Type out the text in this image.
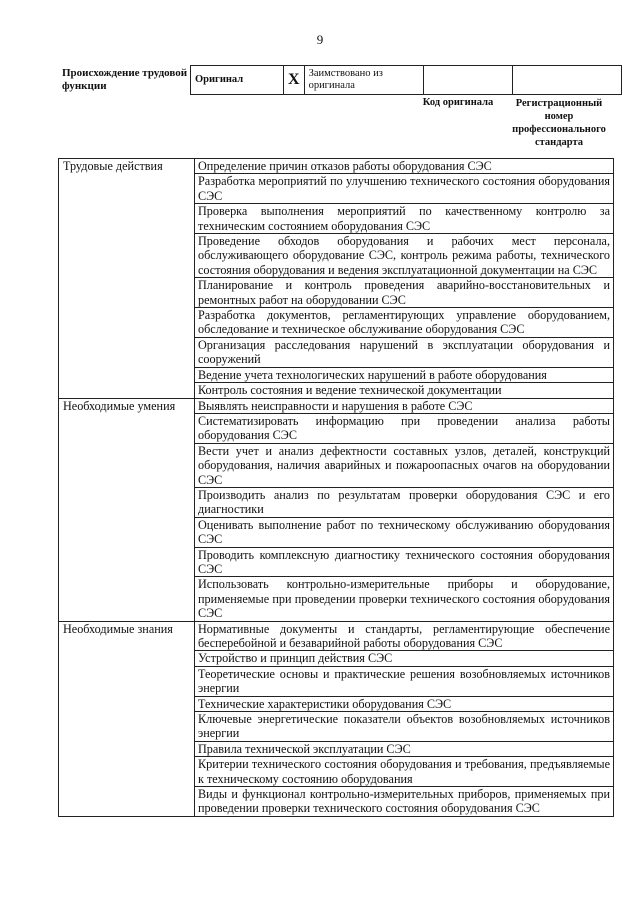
9
Происхождение трудовой функции
Оригинал	X	Заимствовано из оригинала		
Код оригинала	Регистрационный номер профессионального стандарта
Трудовые действия	Определение причин отказов работы оборудования СЭС
	Разработка мероприятий по улучшению технического состояния оборудования СЭС
	Проверка выполнения мероприятий по качественному контролю за техническим состоянием оборудования СЭС
	Проведение обходов оборудования и рабочих мест персонала, обслуживающего оборудование СЭС, контроль режима работы, технического состояния оборудования и ведения эксплуатационной документации на СЭС
	Планирование и контроль проведения аварийно-восстановительных и ремонтных работ на оборудовании СЭС
	Разработка документов, регламентирующих управление оборудованием, обследование и техническое обслуживание оборудования СЭС
	Организация расследования нарушений в эксплуатации оборудования и сооружений
	Ведение учета технологических нарушений в работе оборудования
	Контроль состояния и ведение технической документации
Необходимые умения	Выявлять неисправности и нарушения в работе СЭС
	Систематизировать информацию при проведении анализа работы оборудования СЭС
	Вести учет и анализ дефектности составных узлов, деталей, конструкций оборудования, наличия аварийных и пожароопасных очагов на оборудовании СЭС
	Производить анализ по результатам проверки оборудования СЭС и его диагностики
	Оценивать выполнение работ по техническому обслуживанию оборудования СЭС
	Проводить комплексную диагностику технического состояния оборудования СЭС
	Использовать контрольно-измерительные приборы и оборудование, применяемые при проведении проверки технического состояния оборудования СЭС
Необходимые знания	Нормативные документы и стандарты, регламентирующие обеспечение бесперебойной и безаварийной работы оборудования СЭС
	Устройство и принцип действия СЭС
	Теоретические основы и практические решения возобновляемых источников энергии
	Технические характеристики оборудования СЭС
	Ключевые энергетические показатели объектов возобновляемых источников энергии
	Правила технической эксплуатации СЭС
	Критерии технического состояния оборудования и требования, предъявляемые к техническому состоянию оборудования
	Виды и функционал контрольно-измерительных приборов, применяемых при проведении проверки технического состояния оборудования СЭС
